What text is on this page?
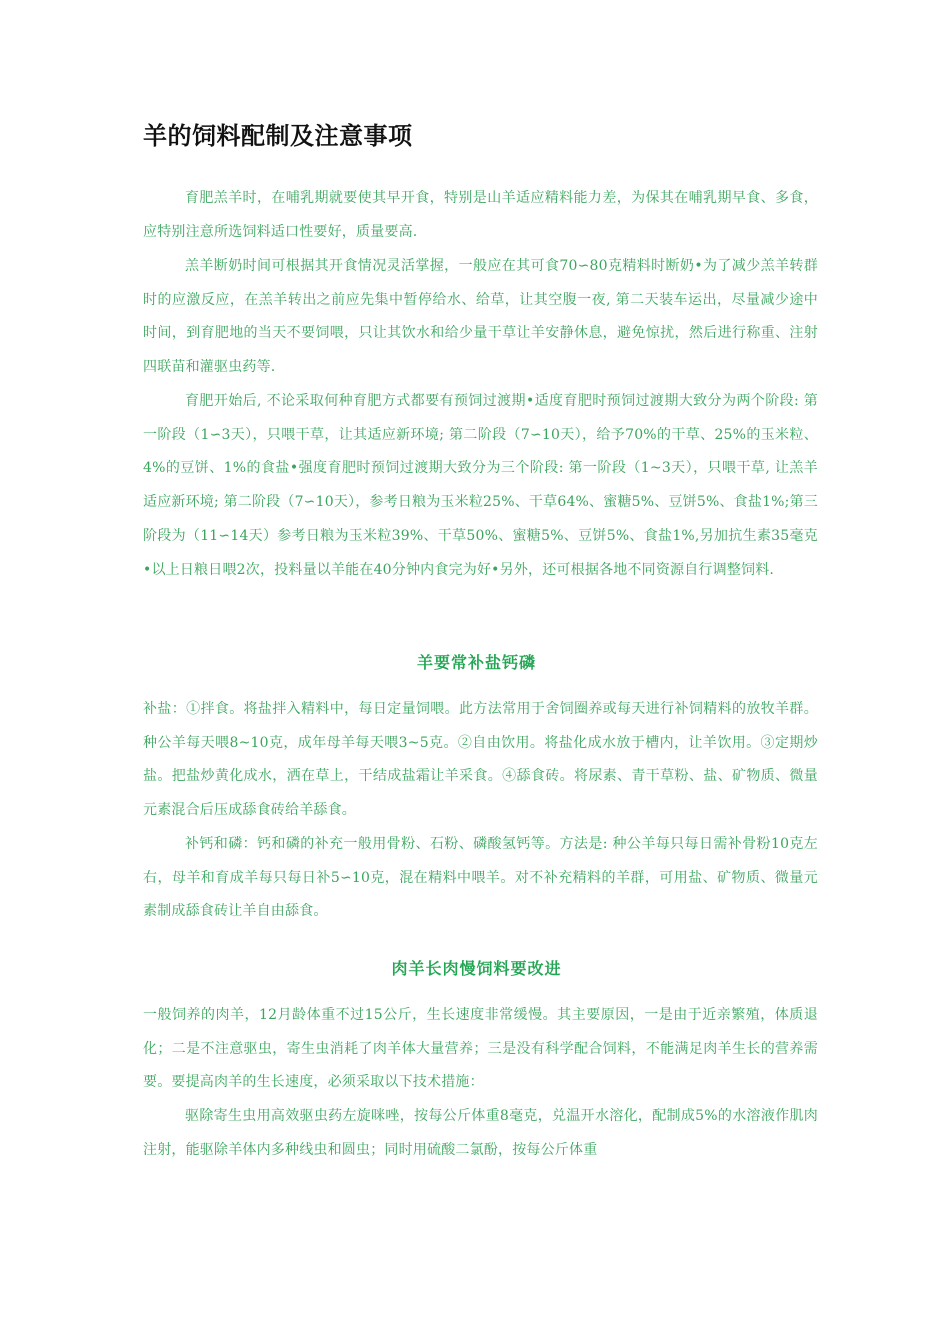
羊的饲料配制及注意事项

育肥羔羊时，在哺乳期就要使其早开食，特别是山羊适应精料能力差，为保其在哺乳期早食、多食，应特别注意所选饲料适口性要好，质量要高.

羔羊断奶时间可根据其开食情况灵活掌握，一般应在其可食70∽80克精料时断奶•为了减少羔羊转群时的应激反应，在羔羊转出之前应先集中暂停给水、给草，让其空腹一夜, 第二天装车运出，尽量减少途中时间，到育肥地的当天不要饲喂，只让其饮水和给少量干草让羊安静休息，避免惊扰，然后进行称重、注射四联苗和灌驱虫药等.

育肥开始后, 不论采取何种育肥方式都要有预饲过渡期•适度育肥时预饲过渡期大致分为两个阶段: 第一阶段（1∽3天），只喂干草，让其适应新环境; 第二阶段（7∽10天），给予70%的干草、25%的玉米粒、4%的豆饼、1%的食盐•强度育肥时预饲过渡期大致分为三个阶段: 第一阶段（1~3天），只喂干草, 让羔羊适应新环境; 第二阶段（7∽10天），参考日粮为玉米粒25%、干草64%、蜜糖5%、豆饼5%、食盐1%;第三阶段为（11∽14天）参考日粮为玉米粒39%、干草50%、蜜糖5%、豆饼5%、食盐1%,另加抗生素35毫克•以上日粮日喂2次，投料量以羊能在40分钟内食完为好•另外，还可根据各地不同资源自行调整饲料.

羊要常补盐钙磷

补盐：①拌食。将盐拌入精料中，每日定量饲喂。此方法常用于舍饲圈养或每天进行补饲精料的放牧羊群。种公羊每天喂8~10克，成年母羊每天喂3~5克。②自由饮用。将盐化成水放于槽内，让羊饮用。③定期炒盐。把盐炒黄化成水，洒在草上，干结成盐霜让羊采食。④舔食砖。将尿素、青干草粉、盐、矿物质、微量元素混合后压成舔食砖给羊舔食。

补钙和磷：钙和磷的补充一般用骨粉、石粉、磷酸氢钙等。方法是: 种公羊每只每日需补骨粉10克左右，母羊和育成羊每只每日补5∽10克，混在精料中喂羊。对不补充精料的羊群，可用盐、矿物质、微量元素制成舔食砖让羊自由舔食。

肉羊长肉慢饲料要改进

一般饲养的肉羊，12月龄体重不过15公斤，生长速度非常缓慢。其主要原因，一是由于近亲繁殖，体质退化；二是不注意驱虫，寄生虫消耗了肉羊体大量营养；三是没有科学配合饲料，不能满足肉羊生长的营养需要。要提高肉羊的生长速度，必须采取以下技术措施：

驱除寄生虫用高效驱虫药左旋咪唑，按每公斤体重8毫克，兑温开水溶化，配制成5%的水溶液作肌肉注射，能驱除羊体内多种线虫和圆虫；同时用硫酸二氯酚，按每公斤体重
